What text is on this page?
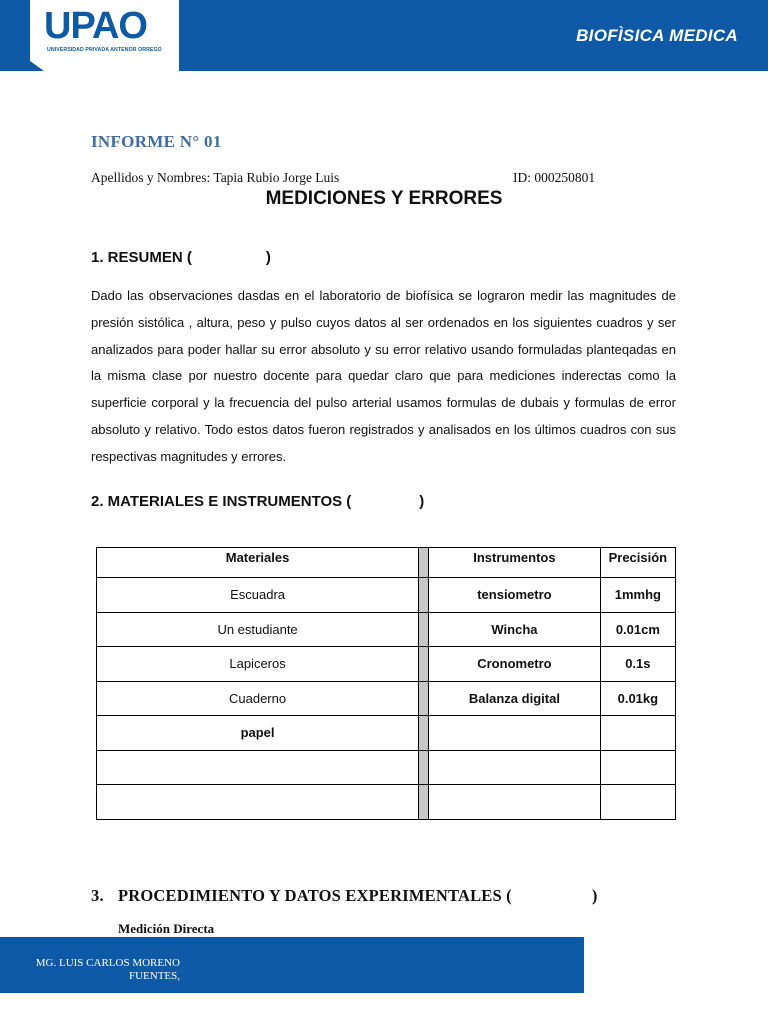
UPAO
UNIVERSIDAD PRIVADA ANTENOR ORREGO
BIOFÌSICA MEDICA
INFORME N° 01
Apellidos y Nombres: Tapia Rubio Jorge Luis	ID: 000250801
MEDICIONES Y ERRORES
1. RESUMEN (	)
Dado las observaciones dasdas en el laboratorio de biofísica se lograron medir las magnitudes de presión sistólica , altura, peso y pulso cuyos datos al ser ordenados en los siguientes cuadros y ser analizados para poder hallar su error absoluto y su error relativo usando formuladas planteqadas en la misma clase por nuestro docente para quedar claro que para mediciones inderectas como la superficie corporal y la frecuencia del pulso arterial usamos formulas de dubais y formulas de error absoluto y relativo. Todo estos datos fueron registrados y analisados en los últimos cuadros con sus respectivas magnitudes y errores.
2. MATERIALES E INSTRUMENTOS (	)
Materiales		Instrumentos	Precisión
Escuadra		tensiometro	1mmhg
Un estudiante		Wincha	0.01cm
Lapiceros		Cronometro	0.1s
Cuaderno		Balanza digital	0.01kg
papel			

3. PROCEDIMIENTO Y DATOS EXPERIMENTALES (	)
Medición Directa
MG. LUIS CARLOS MORENO
FUENTES,
